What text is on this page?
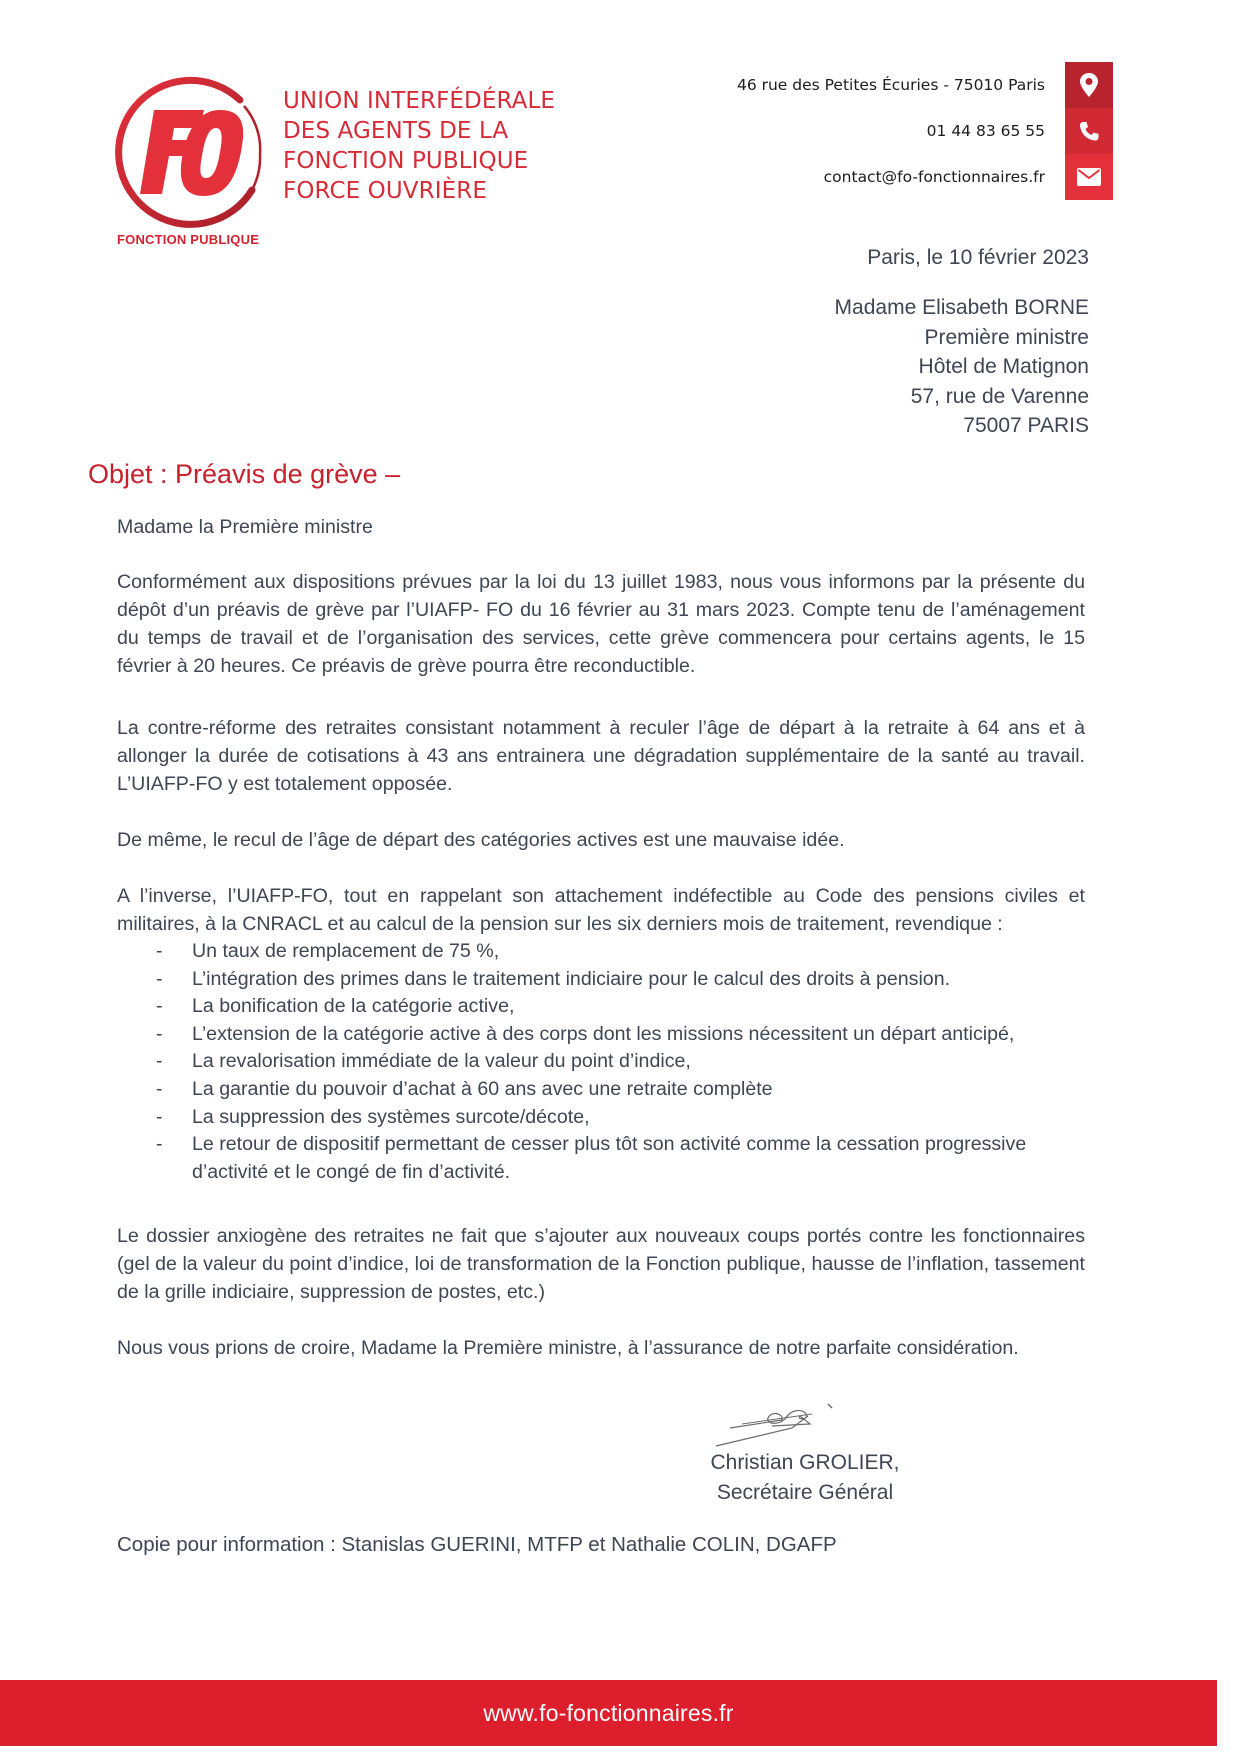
FONCTION PUBLIQUE
UNION INTERFÉDÉRALE
DES AGENTS DE LA
FONCTION PUBLIQUE
FORCE OUVRIÈRE
46 rue des Petites Écuries - 75010 Paris
01 44 83 65 55
contact@fo-fonctionnaires.fr
Paris, le 10 février 2023
Madame Elisabeth BORNE
Première ministre
Hôtel de Matignon
57, rue de Varenne
75007 PARIS
Objet : Préavis de grève –
Madame la Première ministre
Conformément aux dispositions prévues par la loi du 13 juillet 1983, nous vous informons par la présente du dépôt d’un préavis de grève par l’UIAFP- FO du 16 février au 31 mars 2023. Compte tenu de l’aménagement du temps de travail et de l’organisation des services, cette grève commencera pour certains agents, le 15 février à 20 heures. Ce préavis de grève pourra être reconductible.
La contre-réforme des retraites consistant notamment à reculer l’âge de départ à la retraite à 64 ans et à allonger la durée de cotisations à 43 ans entrainera une dégradation supplémentaire de la santé au travail. L’UIAFP-FO y est totalement opposée.
De même, le recul de l’âge de départ des catégories actives est une mauvaise idée.
A l’inverse, l’UIAFP-FO, tout en rappelant son attachement indéfectible au Code des pensions civiles et militaires, à la CNRACL et au calcul de la pension sur les six derniers mois de traitement, revendique :
- Un taux de remplacement de 75 %,
- L’intégration des primes dans le traitement indiciaire pour le calcul des droits à pension.
- La bonification de la catégorie active,
- L’extension de la catégorie active à des corps dont les missions nécessitent un départ anticipé,
- La revalorisation immédiate de la valeur du point d’indice,
- La garantie du pouvoir d’achat à 60 ans avec une retraite complète
- La suppression des systèmes surcote/décote,
- Le retour de dispositif permettant de cesser plus tôt son activité comme la cessation progressive d’activité et le congé de fin d’activité.
Le dossier anxiogène des retraites ne fait que s’ajouter aux nouveaux coups portés contre les fonctionnaires (gel de la valeur du point d’indice, loi de transformation de la Fonction publique, hausse de l’inflation, tassement de la grille indiciaire, suppression de postes, etc.)
Nous vous prions de croire, Madame la Première ministre, à l’assurance de notre parfaite considération.
Christian GROLIER,
Secrétaire Général
Copie pour information : Stanislas GUERINI, MTFP et Nathalie COLIN, DGAFP
www.fo-fonctionnaires.fr
